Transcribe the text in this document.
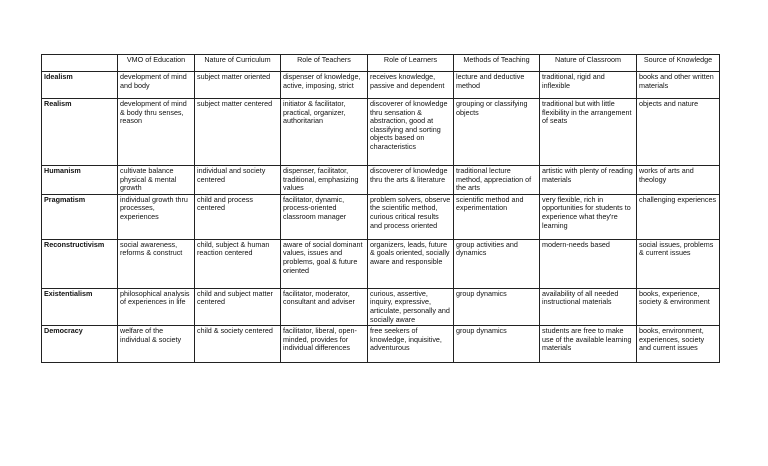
	VMO of Education	Nature of Curriculum	Role of Teachers	Role of Learners	Methods of Teaching	Nature of Classroom	Source of Knowledge
Idealism	development of mind and body	subject matter oriented	dispenser of knowledge, active, imposing, strict	receives knowledge, passive and dependent	lecture and deductive method	traditional, rigid and inflexible	books and other written materials
Realism	development of mind & body thru senses, reason	subject matter centered	initiator & facilitator, practical, organizer, authoritarian	discoverer of knowledge thru sensation & abstraction, good at classifying and sorting objects based on characteristics	grouping or classifying objects	traditional but with little flexibility in the arrangement of seats	objects and nature
Humanism	cultivate balance physical & mental growth	individual and society centered	dispenser, facilitator, traditional, emphasizing values	discoverer of knowledge thru the arts & literature	traditional lecture method, appreciation of the arts	artistic with plenty of reading materials	works of arts and theology
Pragmatism	individual growth thru processes, experiences	child and process centered	facilitator, dynamic, process-oriented classroom manager	problem solvers, observe the scientific method, curious critical results and process oriented	scientific method and experimentation	very flexible, rich in opportunities for students to experience what they're learning	challenging experiences
Reconstructivism	social awareness, reforms & construct	child, subject & human reaction centered	aware of social dominant values, issues and problems, goal & future oriented	organizers, leads, future & goals oriented, socially aware and responsible	group activities and dynamics	modern-needs based	social issues, problems & current issues
Existentialism	philosophical analysis of experiences in life	child and subject matter centered	facilitator, moderator, consultant and adviser	curious, assertive, inquiry, expressive, articulate, personally and socially aware	group dynamics	availability of all needed instructional materials	books, experience, society & environment
Democracy	welfare of the individual & society	child & society centered	facilitator, liberal, open-minded, provides for individual differences	free seekers of knowledge, inquisitive, adventurous	group dynamics	students are free to make use of the available learning materials	books, environment, experiences, society and current issues
